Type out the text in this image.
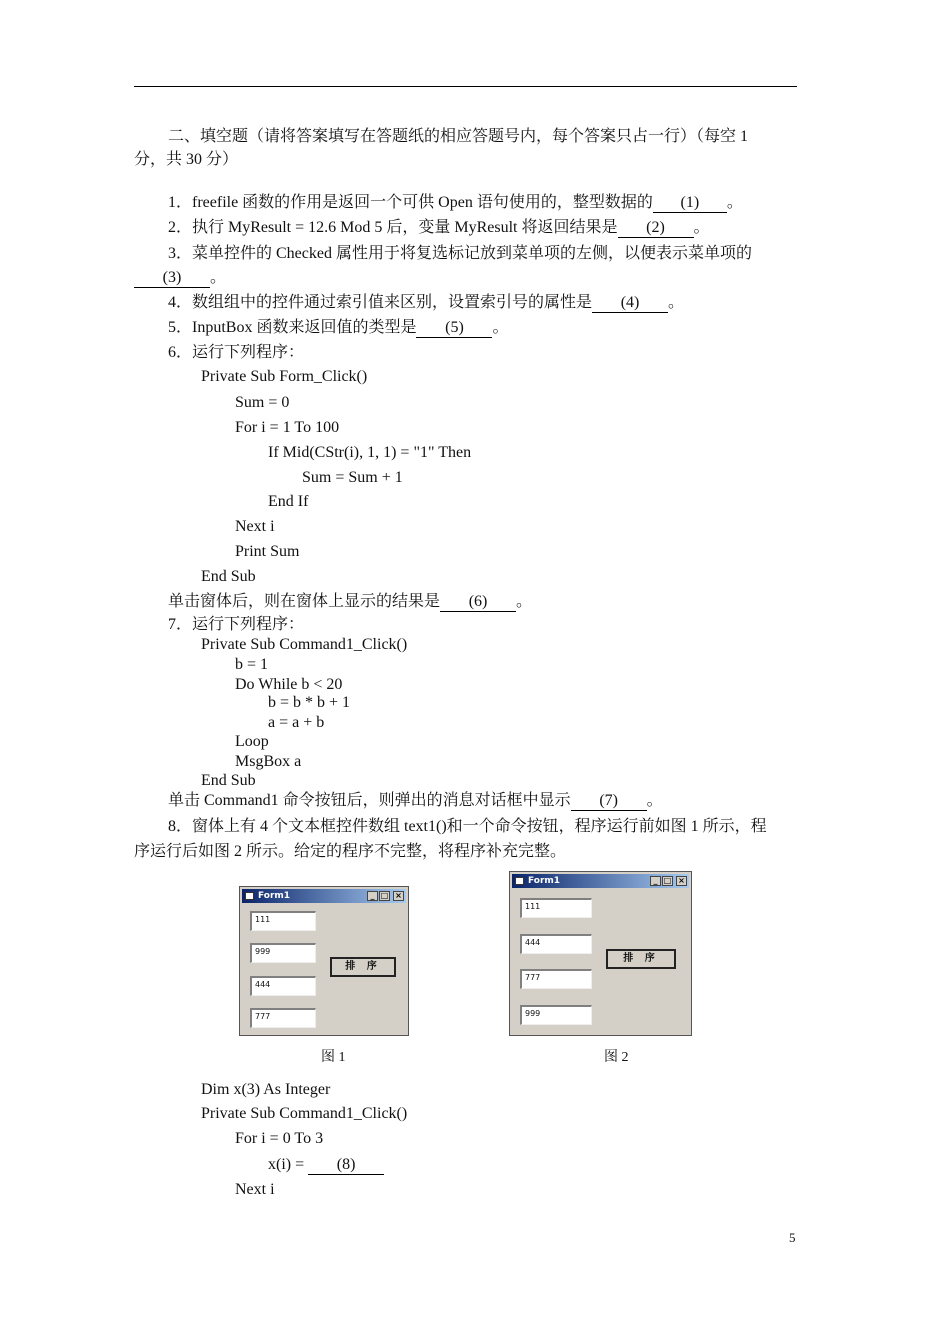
二、填空题（请将答案填写在答题纸的相应答题号内，每个答案只占一行）（每空 1
分，共 30 分）
1．freefile 函数的作用是返回一个可供 Open 语句使用的，整型数据的 (1) 。
2．执行 MyResult = 12.6 Mod 5 后，变量 MyResult 将返回结果是 (2) 。
3．菜单控件的 Checked 属性用于将复选标记放到菜单项的左侧，以便表示菜单项的
(3) 。
4．数组组中的控件通过索引值来区别，设置索引号的属性是 (4) 。
5．InputBox 函数来返回值的类型是 (5) 。
6．运行下列程序：
Private Sub Form_Click()
Sum = 0
For i = 1 To 100
If Mid(CStr(i), 1, 1) = "1" Then
Sum = Sum + 1
End If
Next i
Print Sum
End Sub
单击窗体后，则在窗体上显示的结果是 (6) 。
7．运行下列程序：
Private Sub Command1_Click()
b = 1
Do While b < 20
b = b * b + 1
a = a + b
Loop
MsgBox a
End Sub
单击 Command1 命令按钮后，则弹出的消息对话框中显示 (7) 。
8．窗体上有 4 个文本框控件数组 text1()和一个命令按钮，程序运行前如图 1 所示，程
序运行后如图 2 所示。给定的程序不完整，将程序补充完整。
Form1	_ □ ×
111
999
444
777
排 序
图 1
Form1	_ □ ×
111
444
777
999
排 序
图 2
Dim x(3) As Integer
Private Sub Command1_Click()
For i = 0 To 3
x(i) = (8)
Next i
5
